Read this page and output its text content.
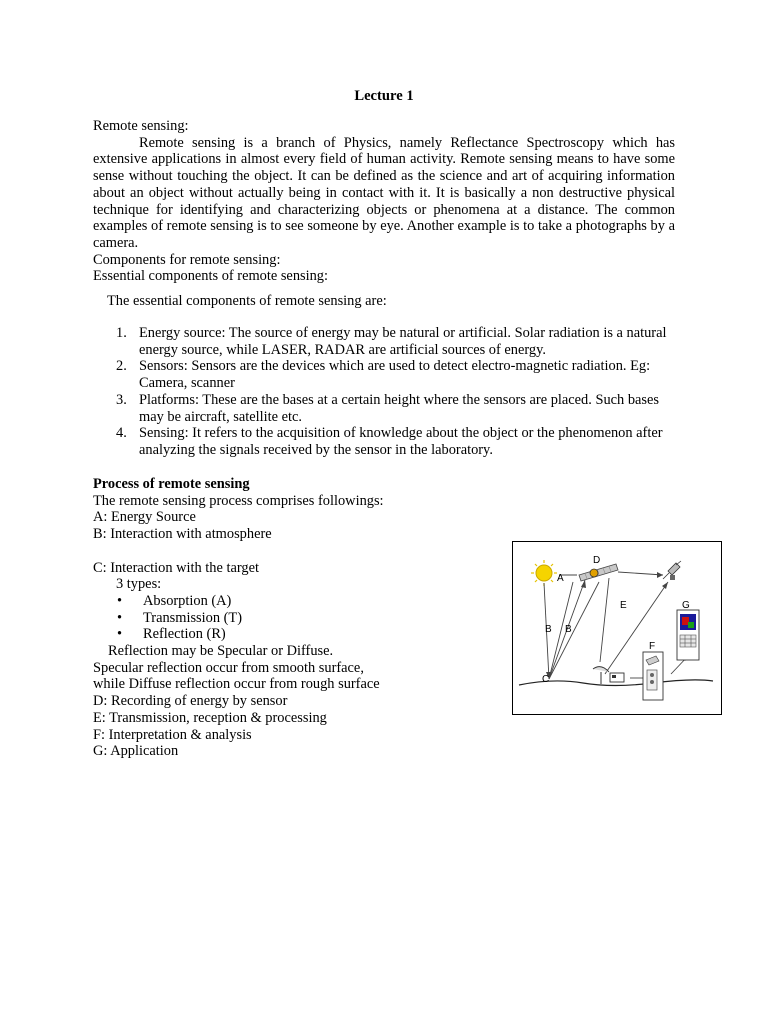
Lecture 1
Remote sensing:
Remote sensing is a branch of Physics, namely Reflectance Spectroscopy which has extensive applications in almost every field of human activity. Remote sensing means to have some sense without touching the object. It can be defined as the science and art of acquiring information about an object without actually being in contact with it. It is basically a non destructive physical technique for identifying and characterizing objects or phenomena at a distance. The common examples of remote sensing is to see someone by eye. Another example is to take a photographs by a camera.
Components for remote sensing:
Essential components of remote sensing:
The essential components of remote sensing are:
1. Energy source: The source of energy may be natural or artificial. Solar radiation is a natural energy source, while LASER, RADAR are artificial sources of energy.
2. Sensors: Sensors are the devices which are used to detect electro-magnetic radiation. Eg: Camera, scanner
3. Platforms: These are the bases at a certain height where the sensors are placed. Such bases may be aircraft, satellite etc.
4. Sensing: It refers to the acquisition of knowledge about the object or the phenomenon after analyzing the signals received by the sensor in the laboratory.
Process of remote sensing
The remote sensing process comprises followings:
A: Energy Source
B: Interaction with atmosphere
C: Interaction with the target
3 types:
• Absorption (A)
• Transmission (T)
• Reflection (R)
Reflection may be Specular or Diffuse.
Specular reflection occur from smooth surface,
while Diffuse reflection occur from rough surface
D: Recording of energy by sensor
E: Transmission, reception & processing
F: Interpretation & analysis
G: Application
A
B B
C
D
E
F
G
